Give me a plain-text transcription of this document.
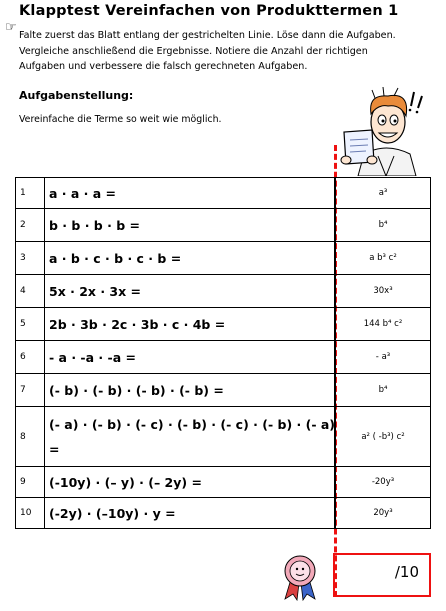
Klapptest Vereinfachen von Produkttermen 1
☞
Falte zuerst das Blatt entlang der gestrichelten Linie. Löse dann die Aufgaben.
Vergleiche anschließend die Ergebnisse. Notiere die Anzahl der richtigen
Aufgaben und verbessere die falsch gerechneten Aufgaben.
Aufgabenstellung:
Vereinfache die Terme so weit wie möglich.
1	a · a · a =		a³
2	b · b · b · b =		b⁴
3	a · b · c · b · c · b =		a b³ c²
4	5x · 2x · 3x =		30x³
5	2b · 3b · 2c · 3b · c · 4b =		144 b⁴ c²
6	- a · -a · -a =		- a³
7	(- b) · (- b) · (- b) · (- b) =		b⁴
8	(- a) · (- b) · (- c) · (- b) · (- c) · (- b) · (- a)
=		a² ( -b³) c²
9	(-10y) · (– y) · (– 2y) =		-20y³
10	(-2y) · (–10y) · y =		20y³
/10
